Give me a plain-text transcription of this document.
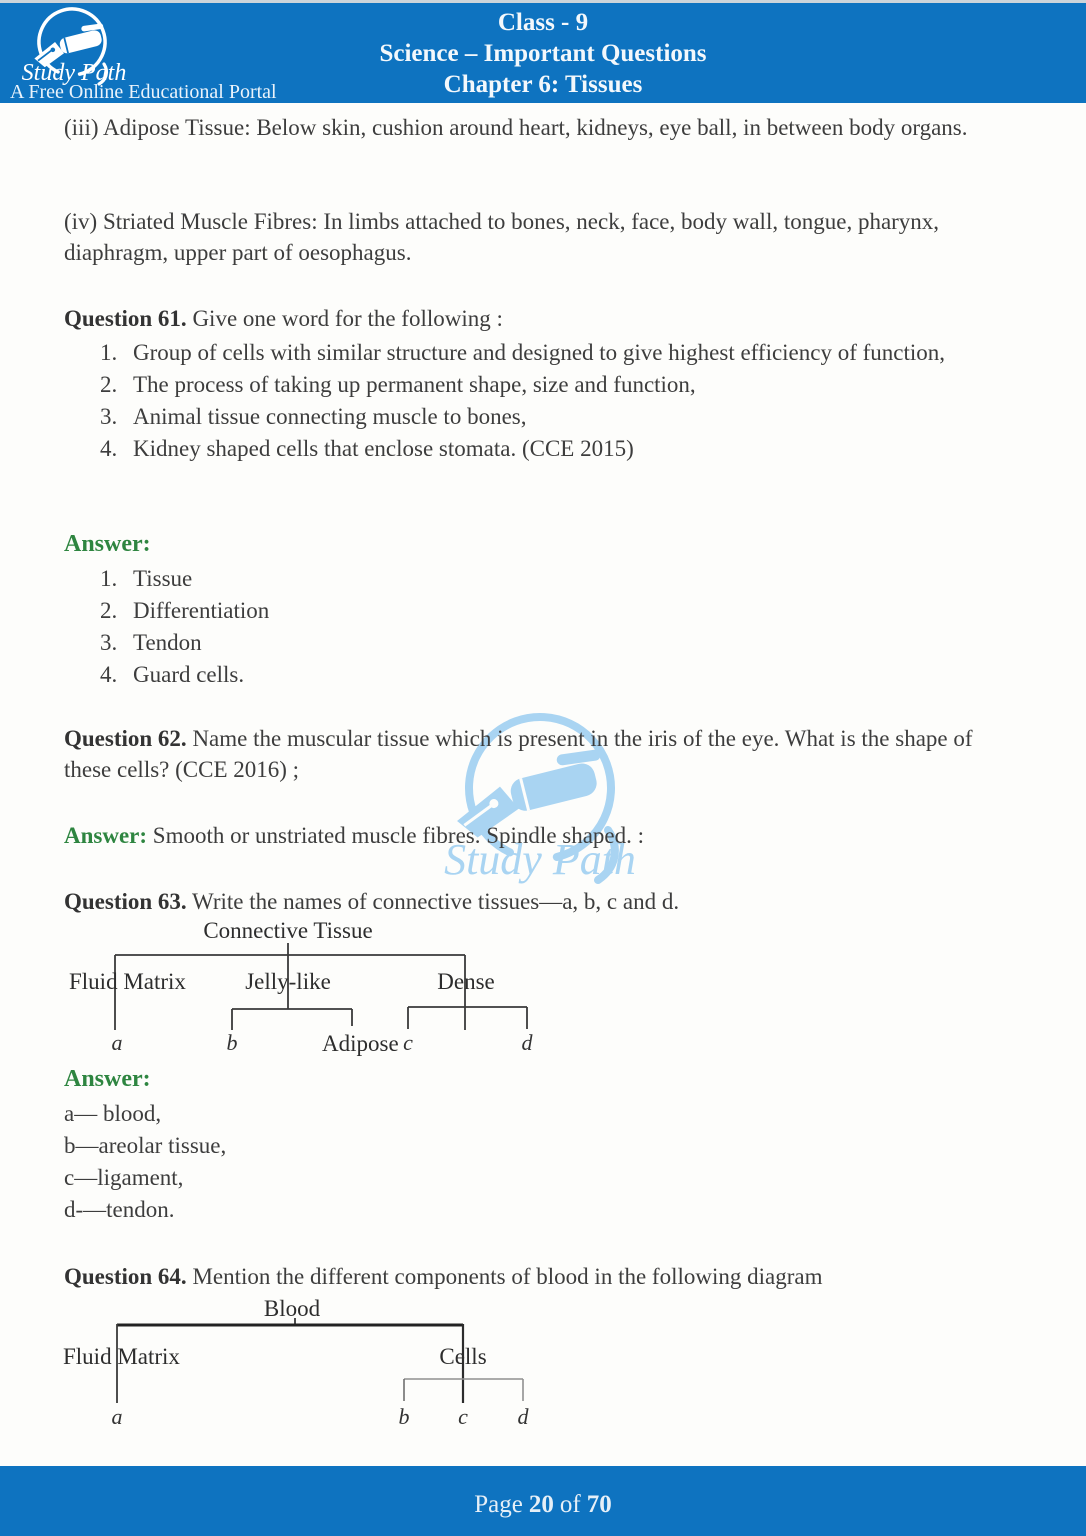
Study Path
A Free Online Educational Portal
Class - 9
Science – Important Questions
Chapter 6: Tissues
Study Path
(iii) Adipose Tissue: Below skin, cushion around heart, kidneys, eye ball, in between body organs.
(iv) Striated Muscle Fibres: In limbs attached to bones, neck, face, body wall, tongue, pharynx, diaphragm, upper part of oesophagus.
Question 61. Give one word for the following :
1. Group of cells with similar structure and designed to give highest efficiency of function,
2. The process of taking up permanent shape, size and function,
3. Animal tissue connecting muscle to bones,
4. Kidney shaped cells that enclose stomata. (CCE 2015)
Answer:
1. Tissue
2. Differentiation
3. Tendon
4. Guard cells.
Question 62. Name the muscular tissue which is present in the iris of the eye. What is the shape of these cells? (CCE 2016) ;
Answer: Smooth or unstriated muscle fibres. Spindle shaped. :
Question 63. Write the names of connective tissues—a, b, c and d.
Connective Tissue
Fluid Matrix	Jelly-like	Dense
Adipose
a	b	c	d
Answer:
a— blood,
b—areolar tissue,
c—ligament,
d-—tendon.
Question 64. Mention the different components of blood in the following diagram
Blood
Fluid Matrix	Cells
a	b c d
Page 20 of 70
